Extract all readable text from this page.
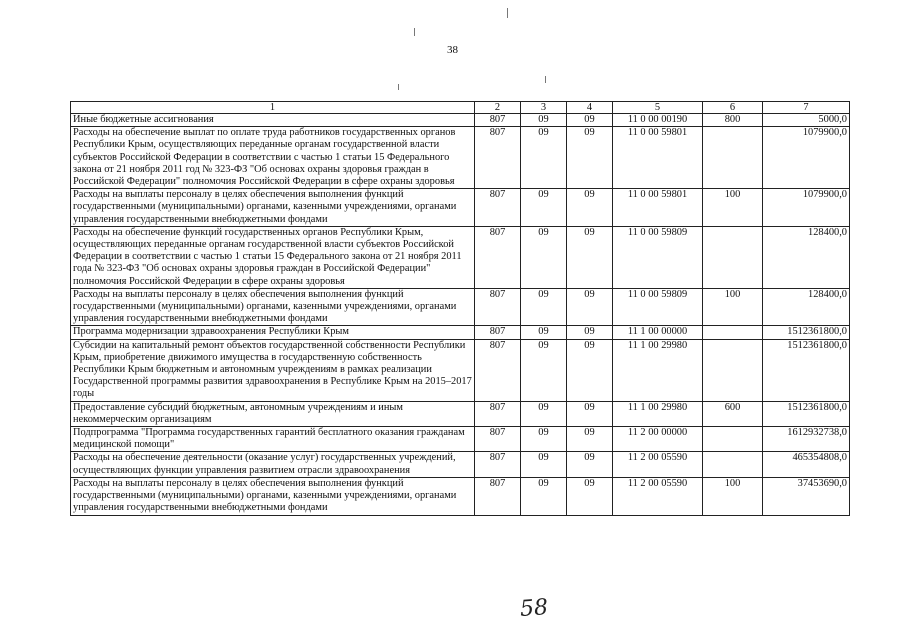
38
1	2	3	4	5	6	7
Иные бюджетные ассигнования	807	09	09	11 0 00 00190	800	5000,0
Расходы на обеспечение выплат по оплате труда работников государственных органов Республики Крым, осуществляющих переданные органам государственной власти субъектов Российской Федерации в соответствии с частью 1 статьи 15 Федерального закона от 21 ноября 2011 год № 323-ФЗ "Об основах охраны здоровья граждан в Российской Федерации" полномочия Российской Федерации в сфере охраны здоровья	807	09	09	11 0 00 59801		1079900,0
Расходы на выплаты персоналу в целях обеспечения выполнения функций государственными (муниципальными) органами, казенными учреждениями, органами управления государственными внебюджетными фондами	807	09	09	11 0 00 59801	100	1079900,0
Расходы на обеспечение функций государственных органов Республики Крым, осуществляющих переданные органам государственной власти субъектов Российской Федерации в соответствии с частью 1 статьи 15 Федерального закона от 21 ноября 2011 года № 323-ФЗ "Об основах охраны здоровья граждан в Российской Федерации" полномочия Российской Федерации в сфере охраны здоровья	807	09	09	11 0 00 59809		128400,0
Расходы на выплаты персоналу в целях обеспечения выполнения функций государственными (муниципальными) органами, казенными учреждениями, органами управления государственными внебюджетными фондами	807	09	09	11 0 00 59809	100	128400,0
Программа модернизации здравоохранения Республики Крым	807	09	09	11 1 00 00000		1512361800,0
Субсидии на капитальный ремонт объектов государственной собственности Республики Крым, приобретение движимого имущества в государственную собственность Республики Крым бюджетным и автономным учреждениям в рамках реализации Государственной программы развития здравоохранения в Республике Крым на 2015–2017 годы	807	09	09	11 1 00 29980		1512361800,0
Предоставление субсидий бюджетным, автономным учреждениям и иным некоммерческим организациям	807	09	09	11 1 00 29980	600	1512361800,0
Подпрограмма "Программа государственных гарантий бесплатного оказания гражданам медицинской помощи"	807	09	09	11 2 00 00000		1612932738,0
Расходы на обеспечение деятельности (оказание услуг) государственных учреждений, осуществляющих функции управления развитием отрасли здравоохранения	807	09	09	11 2 00 05590		465354808,0
Расходы на выплаты персоналу в целях обеспечения выполнения функций государственными (муниципальными) органами, казенными учреждениями, органами управления государственными внебюджетными фондами	807	09	09	11 2 00 05590	100	37453690,0
58
